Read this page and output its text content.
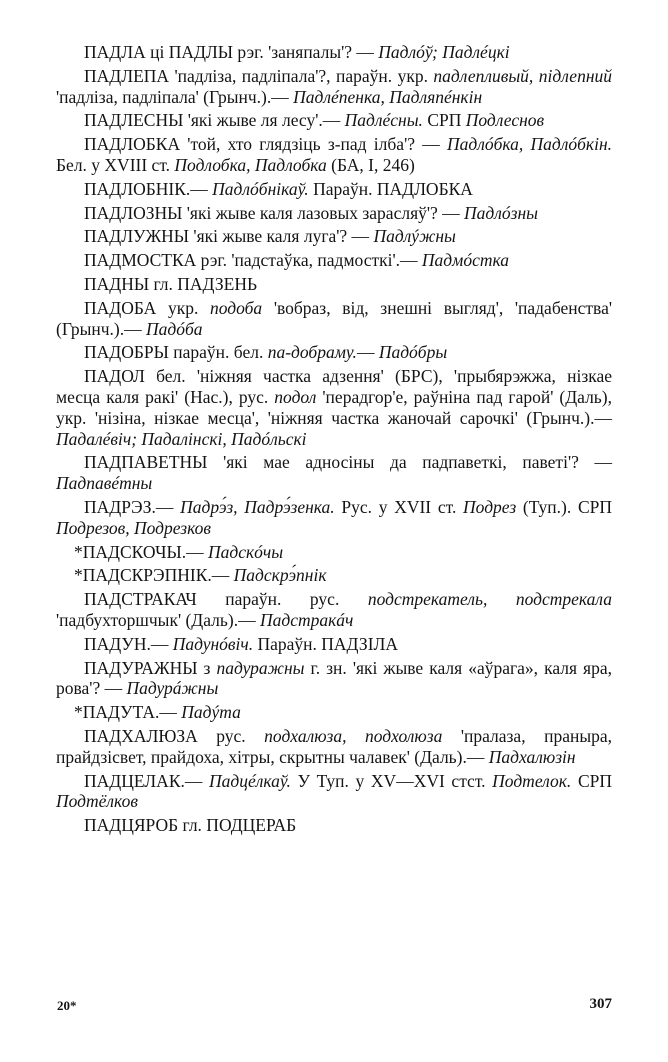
ПАДЛА ці ПАДЛЫ рэг. 'заняпалы'? — Падлóў; Падлéцкі

ПАДЛЕПА 'падліза, падліпала'?, параўн. укр. падлепливый, підлепний 'падліза, падліпала' (Грынч.).— Падлéпенка, Падляпéнкін

ПАДЛЕСНЫ 'які жыве ля лесу'.— Падлéсны. СРП Подлеснов

ПАДЛОБКА 'той, хто глядзіць з-пад ілба'? — Падлóбка, Падлóбкін. Бел. у XVIII ст. Подлобка, Падлобка (БА, I, 246)

ПАДЛОБНІК.— Падлóбнікаў. Параўн. ПАДЛОБКА

ПАДЛОЗНЫ 'які жыве каля лазовых зарасляў'? — Падлóзны

ПАДЛУЖНЫ 'які жыве каля луга'? — Падлýжны

ПАДМОСТКА рэг. 'падстаўка, падмосткі'.— Падмóстка

ПАДНЫ гл. ПАДЗЕНЬ

ПАДОБА укр. подоба 'вобраз, від, знешні выгляд', 'падабенства' (Грынч.).— Падóба

ПАДОБРЫ параўн. бел. па-добраму.— Падóбры

ПАДОЛ бел. 'ніжняя частка адзення' (БРС), 'прыбярэжжа, нізкае месца каля ракі' (Нас.), рус. подол 'перадгор'е, раўніна пад гарой' (Даль), укр. 'нізіна, нізкае месца', 'ніжняя частка жаночай сарочкі' (Грынч.).— Падалéвіч; Падалінскі, Падóльскі

ПАДПАВЕТНЫ 'які мае адносіны да падпаветкі, паветі'? — Падпавéтны

ПАДРЭЗ.— Падрэ́з, Падрэ́зенка. Рус. у XVII ст. Подрез (Туп.). СРП Подрезов, Подрезков

*ПАДСКОЧЫ.— Падскóчы

*ПАДСКРЭПНІК.— Падскрэ́пнік

ПАДСТРАКАЧ параўн. рус. подстрекатель, подстрекала 'падбухторшчык' (Даль).— Падстракáч

ПАДУН.— Падунóвіч. Параўн. ПАДЗІЛА

ПАДУРАЖНЫ з падуражны г. зн. 'які жыве каля «аўрага», каля яра, рова'? — Падурáжны

*ПАДУТА.— Падýта

ПАДХАЛЮЗА рус. подхалюза, подхолюза 'пралаза, праныра, прайдзісвет, прайдоха, хітры, скрытны чалавек' (Даль).— Падхалюзін

ПАДЦЕЛАК.— Падцéлкаў. У Туп. у XV—XVI стст. Подтелок. СРП Подтёлков

ПАДЦЯРОБ гл. ПОДЦЕРАБ

20*	307
